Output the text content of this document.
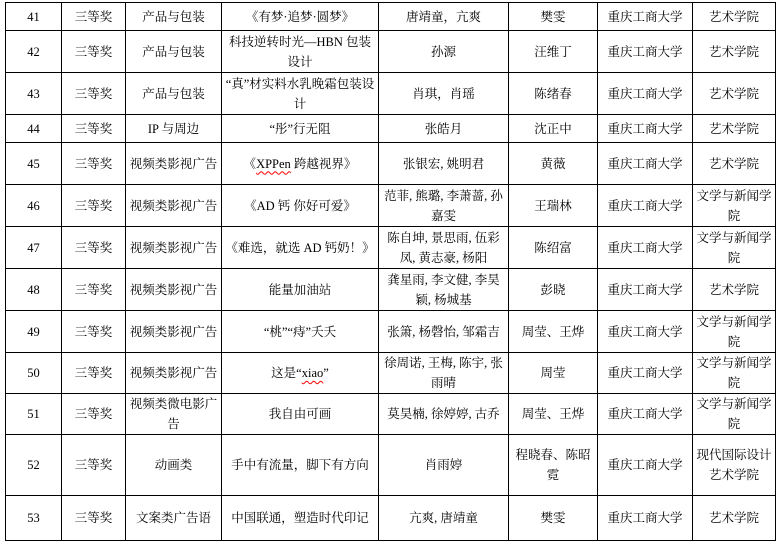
41	三等奖	产品与包装	《有梦·追梦·圆梦》	唐靖童，亢爽	樊雯	重庆工商大学	艺术学院
42	三等奖	产品与包装	科技逆转时光—HBN 包装设计	孙源	汪维丁	重庆工商大学	艺术学院
43	三等奖	产品与包装	“真”材实料水乳晚霜包装设计	肖琪，肖瑶	陈绪春	重庆工商大学	艺术学院
44	三等奖	IP 与周边	“彤”行无阻	张皓月	沈正中	重庆工商大学	艺术学院
45	三等奖	视频类影视广告	《XPPen 跨越视界》	张银宏, 姚明君	黄薇	重庆工商大学	艺术学院
46	三等奖	视频类影视广告	《AD 钙 你好可爱》	范菲, 熊璐, 李萧蔷, 孙嘉雯	王瑞林	重庆工商大学	文学与新闻学院
47	三等奖	视频类影视广告	《难选，就选 AD 钙奶！》	陈自坤, 景思雨, 伍彩凤, 黄志豪, 杨阳	陈绍富	重庆工商大学	文学与新闻学院
48	三等奖	视频类影视广告	能量加油站	龚星雨, 李文健, 李昊颖, 杨城基	彭晓	重庆工商大学	艺术学院
49	三等奖	视频类影视广告	“桃”“痔”夭夭	张箫, 杨磬怡, 邹霜吉	周莹、王烨	重庆工商大学	文学与新闻学院
50	三等奖	视频类影视广告	这是“xiao”	徐周诺, 王梅, 陈宇, 张雨晴	周莹	重庆工商大学	文学与新闻学院
51	三等奖	视频类微电影广告	我自由可画	莫昊楠, 徐婷婷, 古乔	周莹、王烨	重庆工商大学	文学与新闻学院
52	三等奖	动画类	手中有流量，脚下有方向	肖雨婷	程晓春、陈昭霓	重庆工商大学	现代国际设计艺术学院
53	三等奖	文案类广告语	中国联通，塑造时代印记	亢爽, 唐靖童	樊雯	重庆工商大学	艺术学院
